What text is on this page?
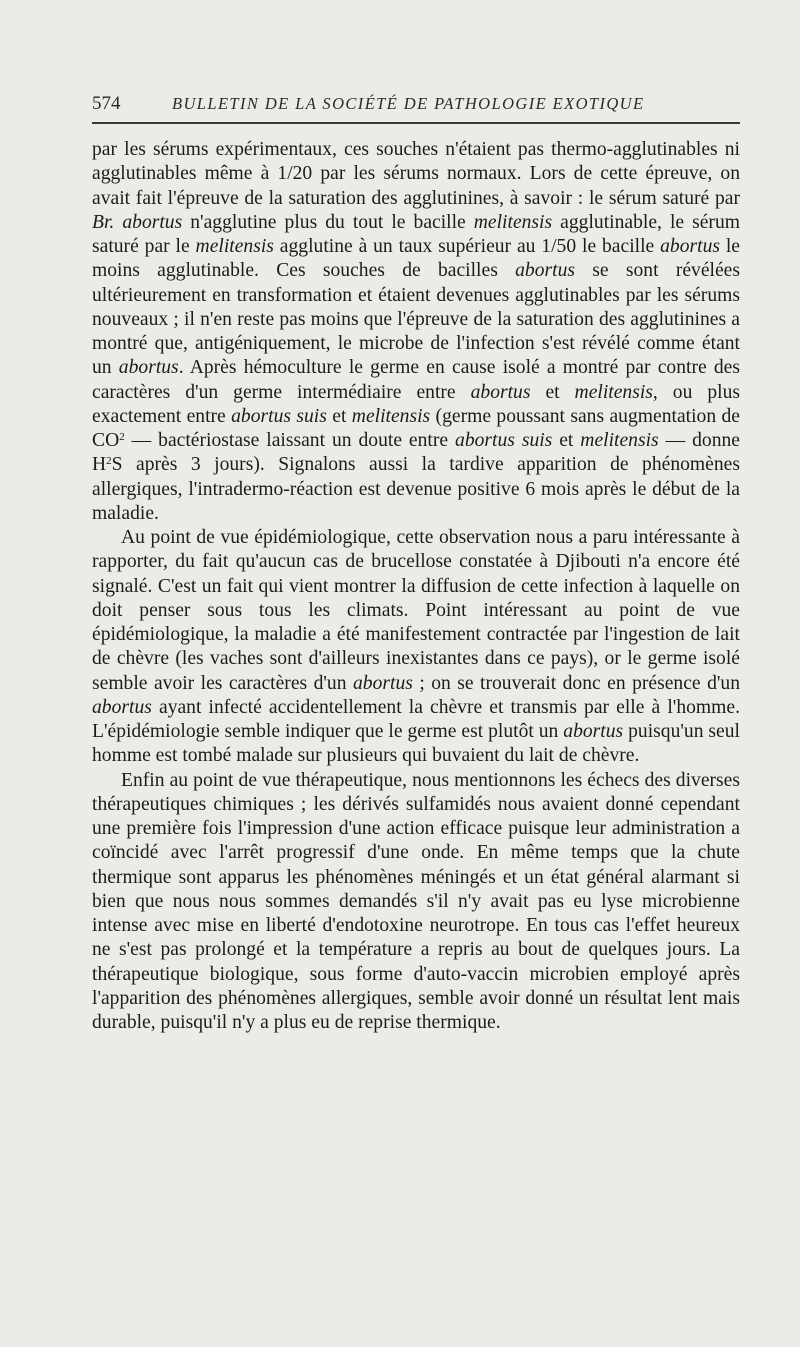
574	BULLETIN DE LA SOCIÉTÉ DE PATHOLOGIE EXOTIQUE

par les sérums expérimentaux, ces souches n'étaient pas thermo-agglutinables ni agglutinables même à 1/20 par les sérums normaux. Lors de cette épreuve, on avait fait l'épreuve de la saturation des agglutinines, à savoir : le sérum saturé par Br. abortus n'agglutine plus du tout le bacille melitensis agglutinable, le sérum saturé par le melitensis agglutine à un taux supérieur au 1/50 le bacille abortus le moins agglutinable. Ces souches de bacilles abortus se sont révélées ultérieurement en transformation et étaient devenues agglutinables par les sérums nouveaux ; il n'en reste pas moins que l'épreuve de la saturation des agglutinines a montré que, antigéniquement, le microbe de l'infection s'est révélé comme étant un abortus. Après hémoculture le germe en cause isolé a montré par contre des caractères d'un germe intermédiaire entre abortus et melitensis, ou plus exactement entre abortus suis et melitensis (germe poussant sans augmentation de $CO^2$ — bactériostase laissant un doute entre abortus suis et melitensis — donne $H^2S$ après 3 jours). Signalons aussi la tardive apparition de phénomènes allergiques, l'intradermo-réaction est devenue positive 6 mois après le début de la maladie.

Au point de vue épidémiologique, cette observation nous a paru intéressante à rapporter, du fait qu'aucun cas de brucellose constatée à Djibouti n'a encore été signalé. C'est un fait qui vient montrer la diffusion de cette infection à laquelle on doit penser sous tous les climats. Point intéressant au point de vue épidémiologique, la maladie a été manifestement contractée par l'ingestion de lait de chèvre (les vaches sont d'ailleurs inexistantes dans ce pays), or le germe isolé semble avoir les caractères d'un abortus ; on se trouverait donc en présence d'un abortus ayant infecté accidentellement la chèvre et transmis par elle à l'homme. L'épidémiologie semble indiquer que le germe est plutôt un abortus puisqu'un seul homme est tombé malade sur plusieurs qui buvaient du lait de chèvre.

Enfin au point de vue thérapeutique, nous mentionnons les échecs des diverses thérapeutiques chimiques ; les dérivés sulfamidés nous avaient donné cependant une première fois l'impression d'une action efficace puisque leur administration a coïncidé avec l'arrêt progressif d'une onde. En même temps que la chute thermique sont apparus les phénomènes méningés et un état général alarmant si bien que nous nous sommes demandés s'il n'y avait pas eu lyse microbienne intense avec mise en liberté d'endotoxine neurotrope. En tous cas l'effet heureux ne s'est pas prolongé et la température a repris au bout de quelques jours. La thérapeutique biologique, sous forme d'auto-vaccin microbien employé après l'apparition des phénomènes allergiques, semble avoir donné un résultat lent mais durable, puisqu'il n'y a plus eu de reprise thermique.
